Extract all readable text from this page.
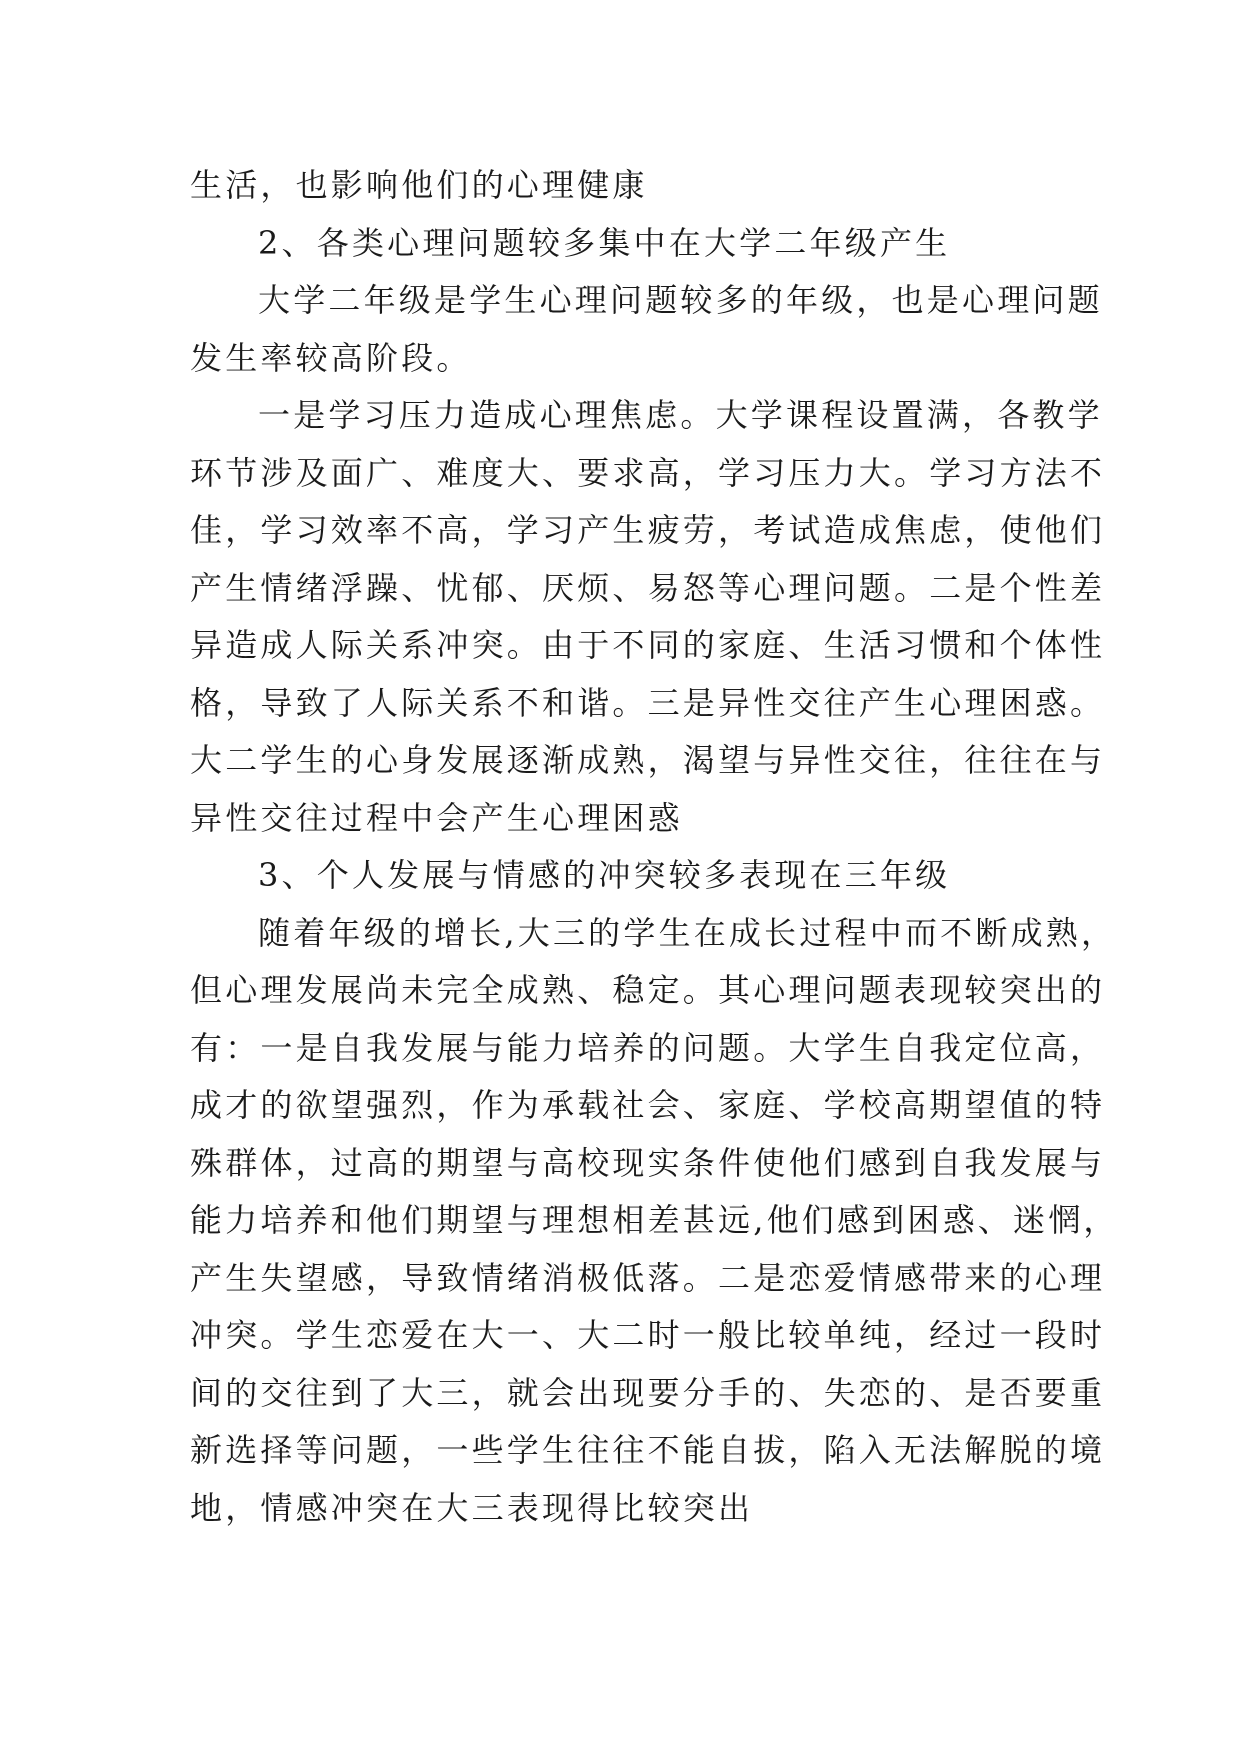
生活，也影响他们的心理健康
2、各类心理问题较多集中在大学二年级产生
大学二年级是学生心理问题较多的年级，也是心理问题
发生率较高阶段。
一是学习压力造成心理焦虑。大学课程设置满，各教学
环节涉及面广、难度大、要求高，学习压力大。学习方法不
佳，学习效率不高，学习产生疲劳，考试造成焦虑，使他们
产生情绪浮躁、忧郁、厌烦、易怒等心理问题。二是个性差
异造成人际关系冲突。由于不同的家庭、生活习惯和个体性
格，导致了人际关系不和谐。三是异性交往产生心理困惑。
大二学生的心身发展逐渐成熟，渴望与异性交往，往往在与
异性交往过程中会产生心理困惑
3、个人发展与情感的冲突较多表现在三年级
随着年级的增长,大三的学生在成长过程中而不断成熟，
但心理发展尚未完全成熟、稳定。其心理问题表现较突出的
有：一是自我发展与能力培养的问题。大学生自我定位高，
成才的欲望强烈，作为承载社会、家庭、学校高期望值的特
殊群体，过高的期望与高校现实条件使他们感到自我发展与
能力培养和他们期望与理想相差甚远,他们感到困惑、迷惘，
产生失望感，导致情绪消极低落。二是恋爱情感带来的心理
冲突。学生恋爱在大一、大二时一般比较单纯，经过一段时
间的交往到了大三，就会出现要分手的、失恋的、是否要重
新选择等问题，一些学生往往不能自拔，陷入无法解脱的境
地，情感冲突在大三表现得比较突出
